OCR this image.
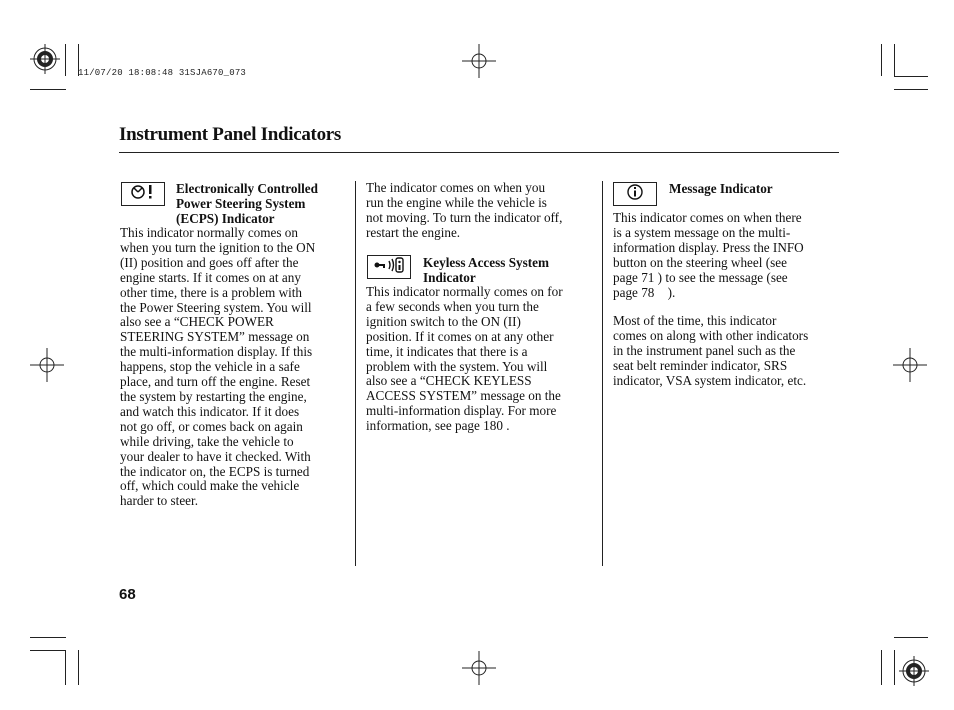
11/07/20 18:08:48 31SJA670_073
Instrument Panel Indicators
Electronically Controlled
Power Steering System
(ECPS) Indicator

This indicator normally comes on

when you turn the ignition to the ON

(II) position and goes off after the

engine starts. If it comes on at any

other time, there is a problem with

the Power Steering system. You will

also see a “CHECK POWER

STEERING SYSTEM” message on

the multi-information display. If this

happens, stop the vehicle in a safe

place, and turn off the engine. Reset

the system by restarting the engine,

and watch this indicator. If it does

not go off, or comes back on again

while driving, take the vehicle to

your dealer to have it checked. With

the indicator on, the ECPS is turned

off, which could make the vehicle

harder to steer.

The indicator comes on when you

run the engine while the vehicle is

not moving. To turn the indicator off,

restart the engine.

Keyless Access System
Indicator

This indicator normally comes on for

a few seconds when you turn the

ignition switch to the ON (II)

position. If it comes on at any other

time, it indicates that there is a

problem with the system. You will

also see a “CHECK KEYLESS

ACCESS SYSTEM” message on the

multi-information display. For more

information, see page 180 .

Message Indicator

This indicator comes on when there

is a system message on the multi-

information display. Press the INFO

button on the steering wheel (see

page 71 ) to see the message (see

page 78    ).

Most of the time, this indicator

comes on along with other indicators

in the instrument panel such as the

seat belt reminder indicator, SRS

indicator, VSA system indicator, etc.

68
